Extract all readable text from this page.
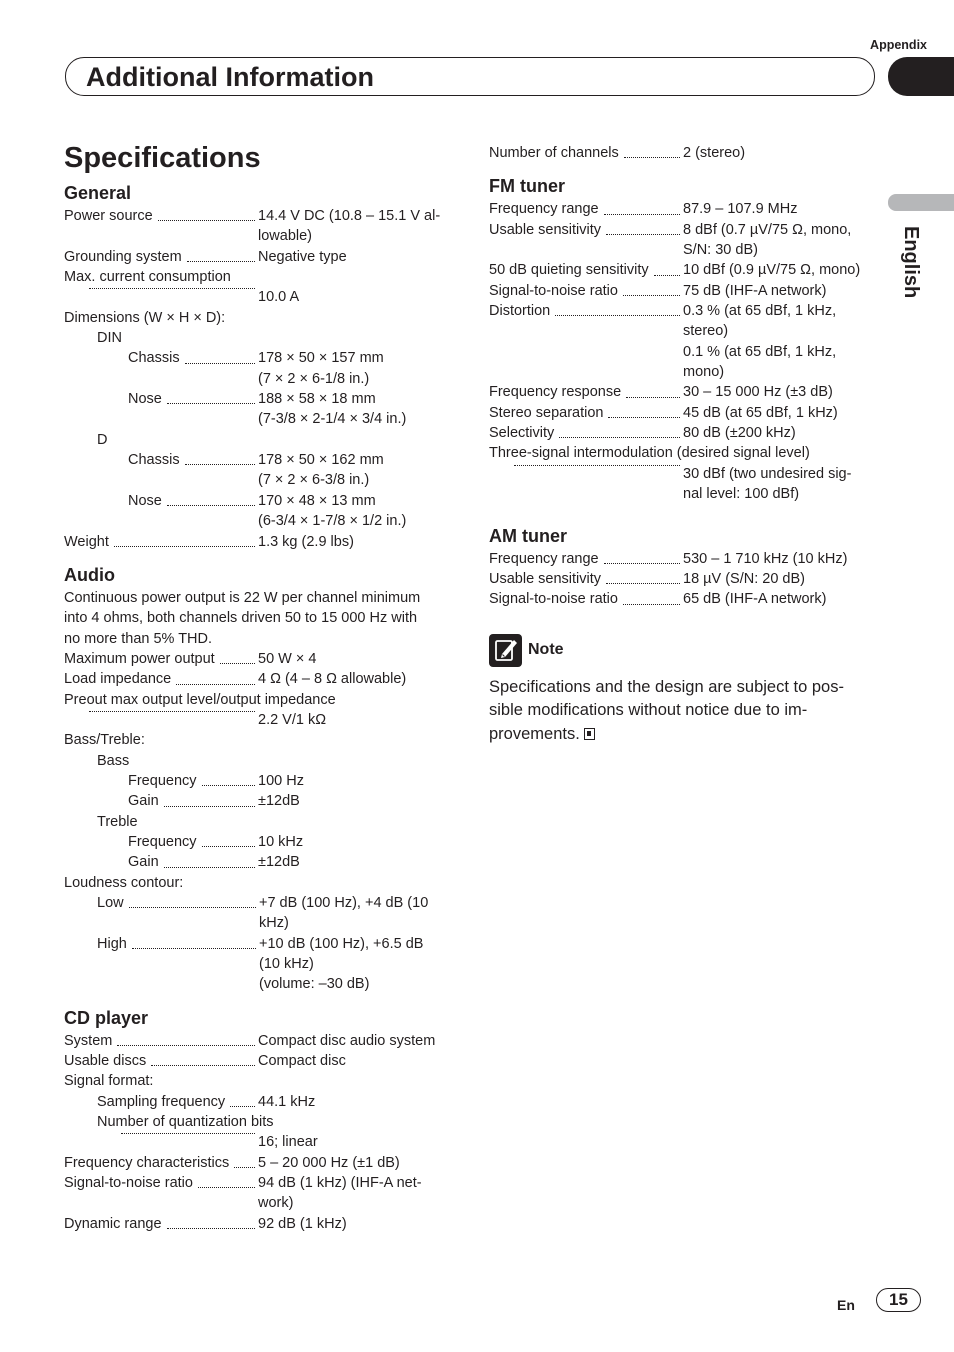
Appendix
Additional Information
English
Specifications
General
Power source	14.4 V DC (10.8 – 15.1 V al-
lowable)
Grounding system	Negative type
Max. current consumption
10.0 A
Dimensions (W × H × D):
DIN
Chassis	178 × 50 × 157 mm
(7 × 2 × 6-1/8 in.)
Nose	188 × 58 × 18 mm
(7-3/8 × 2-1/4 × 3/4 in.)
D
Chassis	178 × 50 × 162 mm
(7 × 2 × 6-3/8 in.)
Nose	170 × 48 × 13 mm
(6-3/4 × 1-7/8 × 1/2 in.)
Weight	1.3 kg (2.9 lbs)
Audio
Continuous power output is 22 W per channel minimum
into 4 ohms, both channels driven 50 to 15 000 Hz with
no more than 5% THD.
Maximum power output	50 W × 4
Load impedance	4 Ω (4 – 8 Ω allowable)
Preout max output level/output impedance
2.2 V/1 kΩ
Bass/Treble:
Bass
Frequency	100 Hz
Gain	±12dB
Treble
Frequency	10 kHz
Gain	±12dB
Loudness contour:
Low	+7 dB (100 Hz), +4 dB (10
kHz)
High	+10 dB (100 Hz), +6.5 dB
(10 kHz)
(volume: –30 dB)
CD player
System	Compact disc audio system
Usable discs	Compact disc
Signal format:
Sampling frequency 44.1 kHz
Number of quantization bits
16; linear
Frequency characteristics 5 – 20 000 Hz (±1 dB)
Signal-to-noise ratio	94 dB (1 kHz) (IHF-A net-
work)
Dynamic range	92 dB (1 kHz)
Number of channels	2 (stereo)
FM tuner
Frequency range	87.9 – 107.9 MHz
Usable sensitivity	8 dBf (0.7 µV/75 Ω, mono,
S/N: 30 dB)
50 dB quieting sensitivity 10 dBf (0.9 µV/75 Ω, mono)
Signal-to-noise ratio	75 dB (IHF-A network)
Distortion	0.3 % (at 65 dBf, 1 kHz,
stereo)
0.1 % (at 65 dBf, 1 kHz,
mono)
Frequency response	30 – 15 000 Hz (±3 dB)
Stereo separation	45 dB (at 65 dBf, 1 kHz)
Selectivity	80 dB (±200 kHz)
Three-signal intermodulation (desired signal level)
30 dBf (two undesired sig-
nal level: 100 dBf)
AM tuner
Frequency range	530 – 1 710 kHz (10 kHz)
Usable sensitivity	18 µV (S/N: 20 dB)
Signal-to-noise ratio	65 dB (IHF-A network)
Note
Specifications and the design are subject to pos-
sible modifications without notice due to im-
provements.
En	15
